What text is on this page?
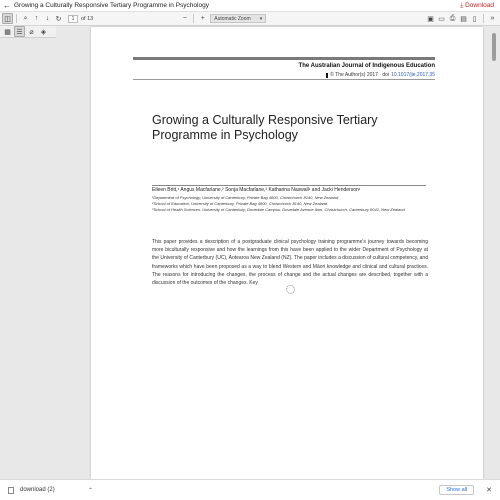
← Growing a Culturally Responsive Tertiary Programme in Psychology	⤓ Download
◫	⌕	↑	↓ ↻	1	of 13	−	+	Automatic Zoom ▾	▣ ▭ ⎙ ▤ ▯	»
▦ ☰ ⌀	◈
The Australian Journal of Indigenous Education
© The Author(s) 2017 · doi 10.1017/jie.2017.35
Growing a Culturally Responsive Tertiary Programme in Psychology
Eileen Britt,¹ Angus Macfarlane,² Sonja Macfarlane,³ Katharina Naswall¹ and Jacki Henderson¹
¹Department of Psychology, University of Canterbury, Private Bag 4800, Christchurch 8140, New Zealand
²School of Education, University of Canterbury, Private Bag 4800, Christchurch 8140, New Zealand
³School of Health Sciences, University of Canterbury, Dovedale Campus, Dovedale Avenue Ilam, Christchurch, Canterbury 8041, New Zealand
This paper provides a description of a postgraduate clinical psychology training programme's journey towards becoming more biculturally responsive and how the learnings from this have been applied to the wider Department of Psychology at the University of Canterbury (UC), Aotearoa New Zealand (NZ). The paper includes a discussion of cultural competency, and frameworks which have been proposed as a way to blend Western and Māori knowledge and clinical and cultural practices. The reasons for introducing the changes, the process of change and the actual changes are described, together with a discussion of the outcomes of the changes. Key
download (2)	⌃	Show all	✕
